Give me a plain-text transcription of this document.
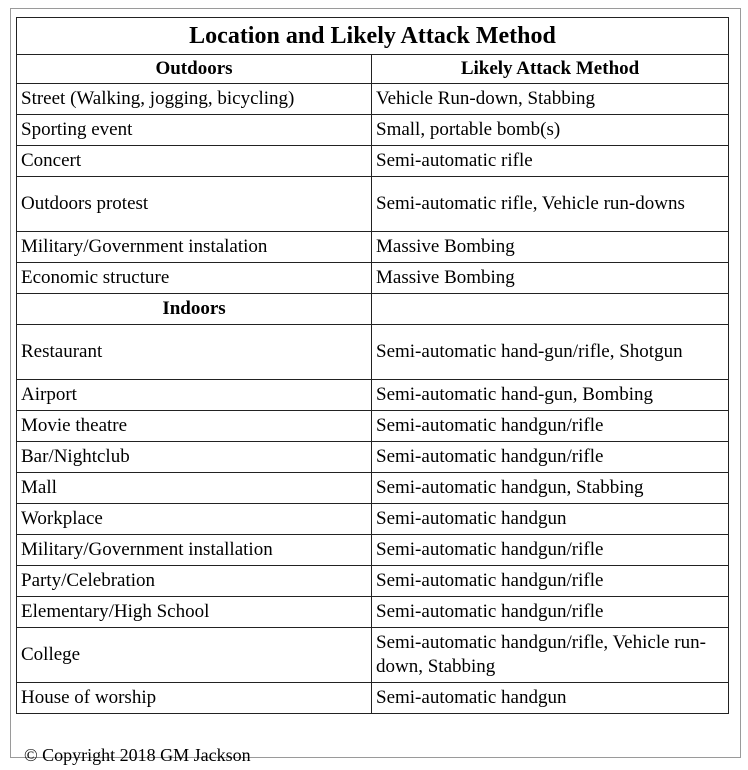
Location and Likely Attack Method	
Outdoors	Likely Attack Method
Street (Walking, jogging, bicycling)	Vehicle Run-down, Stabbing
Sporting event	Small, portable bomb(s)
Concert	Semi-automatic rifle
Outdoors protest	Semi-automatic rifle, Vehicle run-downs
Military/Government instalation	Massive Bombing
Economic structure	Massive Bombing
Indoors	
Restaurant	Semi-automatic hand-gun/rifle, Shotgun
Airport	Semi-automatic hand-gun, Bombing
Movie theatre	Semi-automatic handgun/rifle
Bar/Nightclub	Semi-automatic handgun/rifle
Mall	Semi-automatic handgun, Stabbing
Workplace	Semi-automatic handgun
Military/Government installation	Semi-automatic handgun/rifle
Party/Celebration	Semi-automatic handgun/rifle
Elementary/High School	Semi-automatic handgun/rifle
College	Semi-automatic handgun/rifle, Vehicle run-down, Stabbing
House of worship	Semi-automatic handgun
© Copyright 2018 GM Jackson
